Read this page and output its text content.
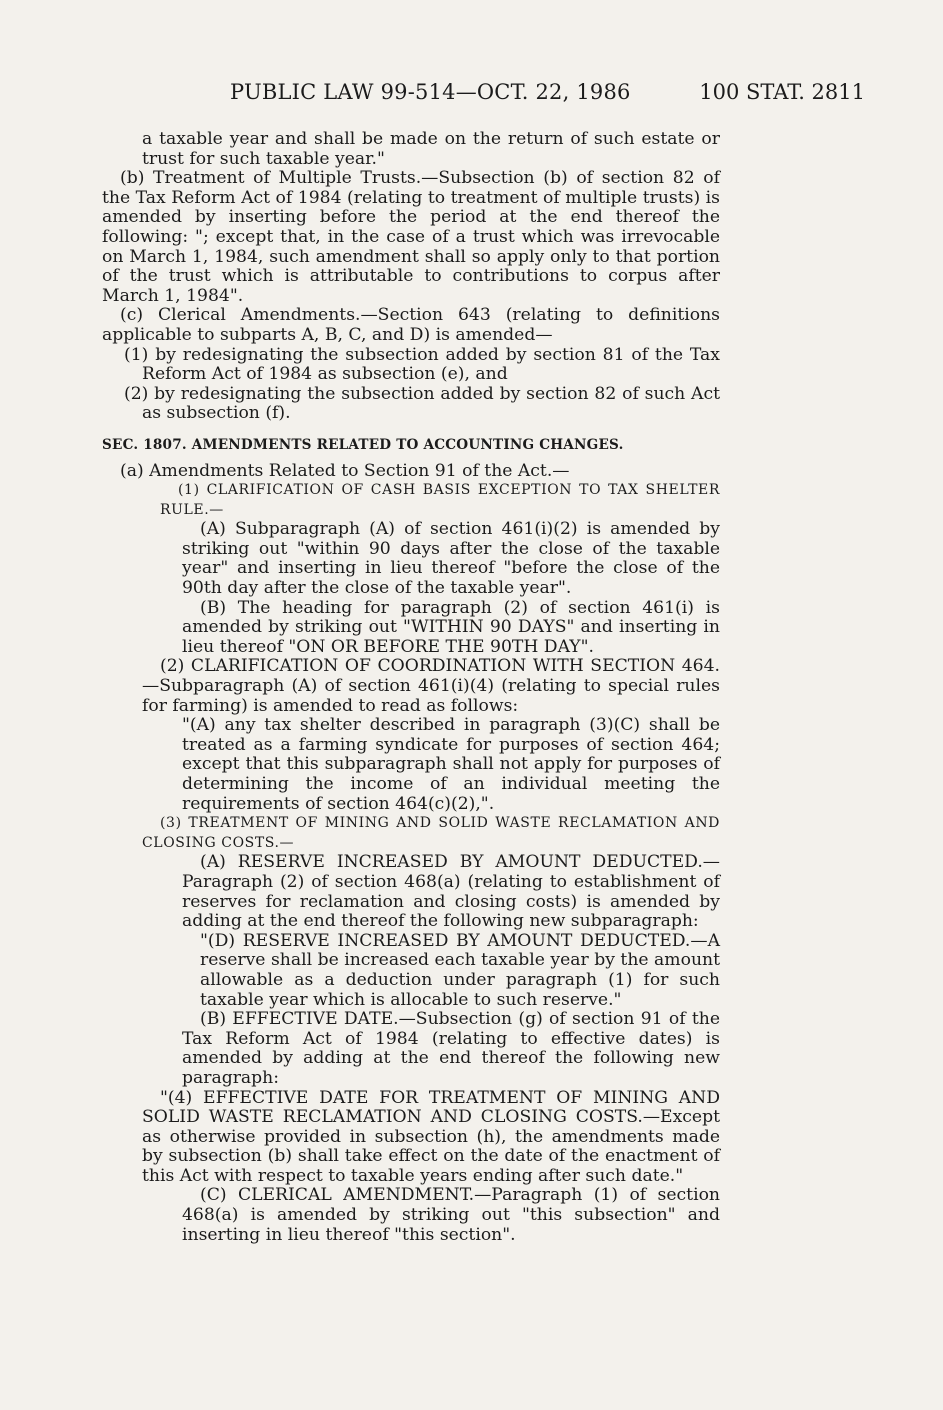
PUBLIC LAW 99-514—OCT. 22, 1986	100 STAT. 2811

a taxable year and shall be made on the return of such estate or trust for such taxable year."

(b) Treatment of Multiple Trusts.—Subsection (b) of section 82 of the Tax Reform Act of 1984 (relating to treatment of multiple trusts) is amended by inserting before the period at the end thereof the following: "; except that, in the case of a trust which was irrevocable on March 1, 1984, such amendment shall so apply only to that portion of the trust which is attributable to contributions to corpus after March 1, 1984".

(c) Clerical Amendments.—Section 643 (relating to definitions applicable to subparts A, B, C, and D) is amended—

(1) by redesignating the subsection added by section 81 of the Tax Reform Act of 1984 as subsection (e), and

(2) by redesignating the subsection added by section 82 of such Act as subsection (f).

SEC. 1807. AMENDMENTS RELATED TO ACCOUNTING CHANGES.

(a) Amendments Related to Section 91 of the Act.—

(1) CLARIFICATION OF CASH BASIS EXCEPTION TO TAX SHELTER RULE.—

(A) Subparagraph (A) of section 461(i)(2) is amended by striking out "within 90 days after the close of the taxable year" and inserting in lieu thereof "before the close of the 90th day after the close of the taxable year".

(B) The heading for paragraph (2) of section 461(i) is amended by striking out "WITHIN 90 DAYS" and inserting in lieu thereof "ON OR BEFORE THE 90TH DAY".

(2) CLARIFICATION OF COORDINATION WITH SECTION 464.—Subparagraph (A) of section 461(i)(4) (relating to special rules for farming) is amended to read as follows:

"(A) any tax shelter described in paragraph (3)(C) shall be treated as a farming syndicate for purposes of section 464; except that this subparagraph shall not apply for purposes of determining the income of an individual meeting the requirements of section 464(c)(2),".

(3) TREATMENT OF MINING AND SOLID WASTE RECLAMATION AND CLOSING COSTS.—

(A) RESERVE INCREASED BY AMOUNT DEDUCTED.—Paragraph (2) of section 468(a) (relating to establishment of reserves for reclamation and closing costs) is amended by adding at the end thereof the following new subparagraph:

"(D) RESERVE INCREASED BY AMOUNT DEDUCTED.—A reserve shall be increased each taxable year by the amount allowable as a deduction under paragraph (1) for such taxable year which is allocable to such reserve."

(B) EFFECTIVE DATE.—Subsection (g) of section 91 of the Tax Reform Act of 1984 (relating to effective dates) is amended by adding at the end thereof the following new paragraph:

"(4) EFFECTIVE DATE FOR TREATMENT OF MINING AND SOLID WASTE RECLAMATION AND CLOSING COSTS.—Except as otherwise provided in subsection (h), the amendments made by subsection (b) shall take effect on the date of the enactment of this Act with respect to taxable years ending after such date."

(C) CLERICAL AMENDMENT.—Paragraph (1) of section 468(a) is amended by striking out "this subsection" and inserting in lieu thereof "this section".
